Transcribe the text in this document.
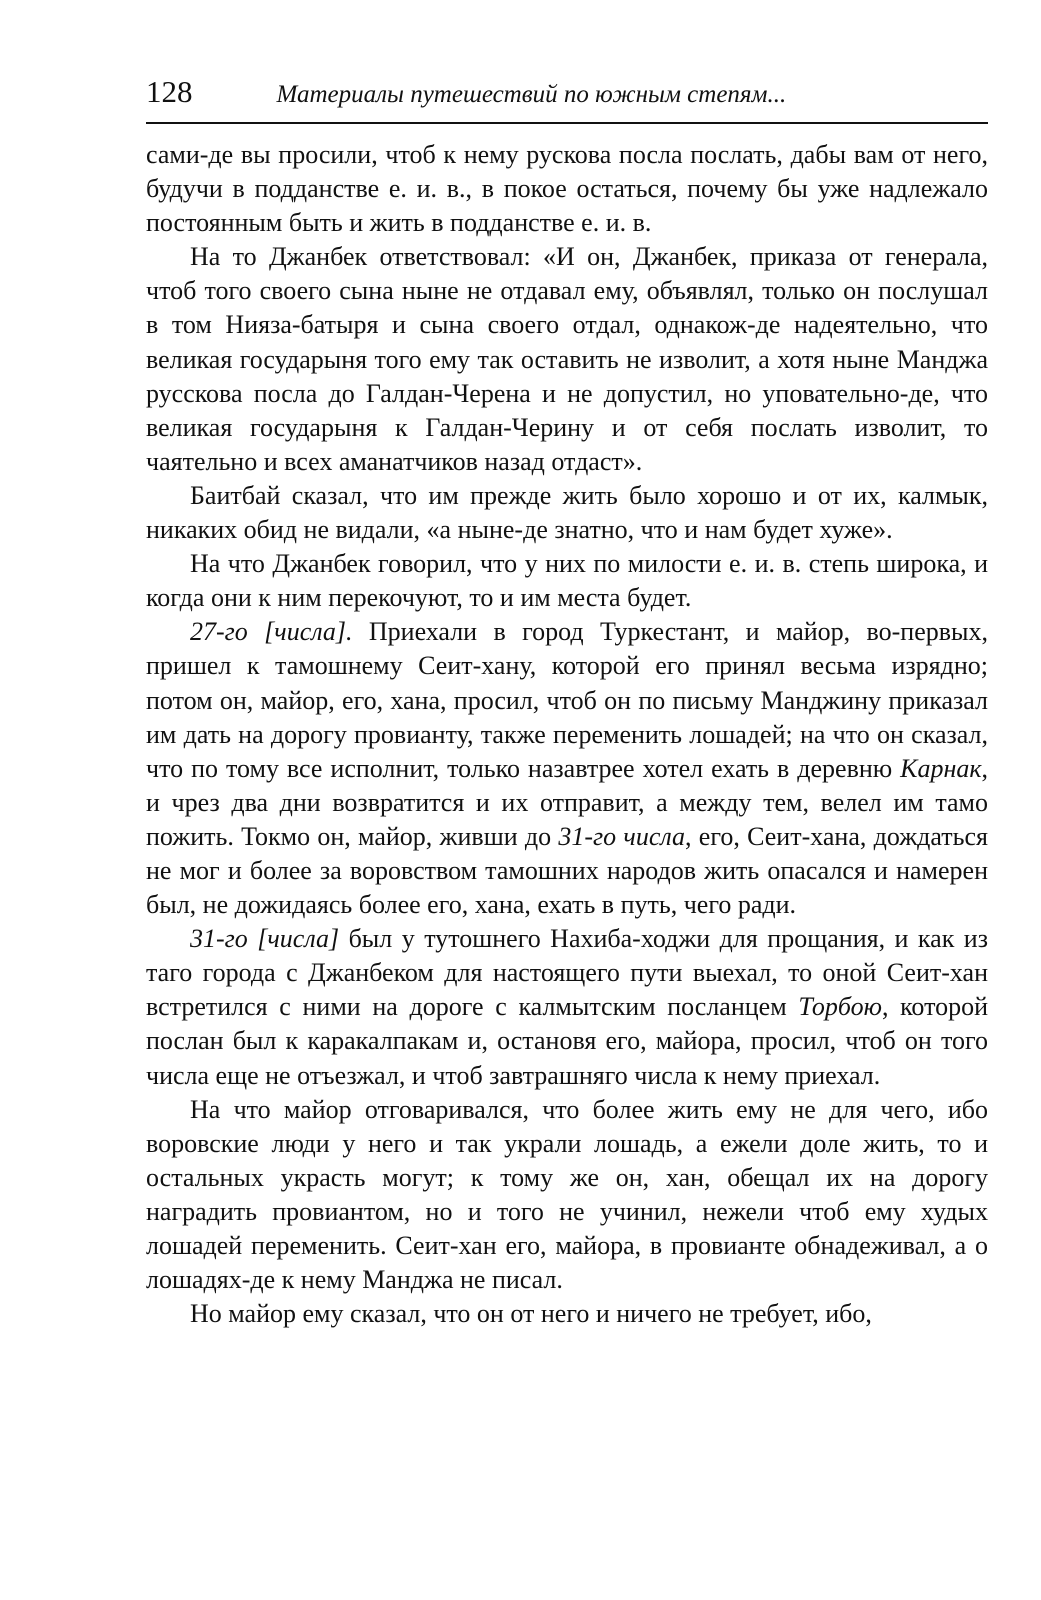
128	Материалы путешествий по южным степям...

сами-де вы просили, чтоб к нему рускова посла послать, дабы вам от него, будучи в подданстве е. и. в., в покое остаться, почему бы уже надлежало постоянным быть и жить в подданстве е. и. в.

На то Джанбек ответствовал: «И он, Джанбек, приказа от генерала, чтоб того своего сына ныне не отдавал ему, объявлял, только он послушал в том Нияза-батыря и сына своего отдал, однакож-де надеятельно, что великая государыня того ему так оставить не изволит, а хотя ныне Манджа русскова посла до Галдан-Черена и не допустил, но уповательно-де, что великая государыня к Галдан-Черину и от себя послать изволит, то чаятельно и всех аманатчиков назад отдаст».

Баитбай сказал, что им прежде жить было хорошо и от их, калмык, никаких обид не видали, «а ныне-де знатно, что и нам будет хуже».

На что Джанбек говорил, что у них по милости е. и. в. степь широка, и когда они к ним перекочуют, то и им места будет.

27-го [числа]. Приехали в город Туркестант, и майор, во-первых, пришел к тамошнему Сеит-хану, которой его принял весьма изрядно; потом он, майор, его, хана, просил, чтоб он по письму Манджину приказал им дать на дорогу провианту, также переменить лошадей; на что он сказал, что по тому все исполнит, только назавтрее хотел ехать в деревню Карнак, и чрез два дни возвратится и их отправит, а между тем, велел им тамо пожить. Токмо он, майор, живши до 31-го числа, его, Сеит-хана, дождаться не мог и более за воровством тамошних народов жить опасался и намерен был, не дожидаясь более его, хана, ехать в путь, чего ради.

31-го [числа] был у тутошнего Нахиба-ходжи для прощания, и как из таго города с Джанбеком для настоящего пути выехал, то оной Сеит-хан встретился с ними на дороге с калмытским посланцем Торбою, которой послан был к каракалпакам и, остановя его, майора, просил, чтоб он того числа еще не отъезжал, и чтоб завтрашняго числа к нему приехал.

На что майор отговаривался, что более жить ему не для чего, ибо воровские люди у него и так украли лошадь, а ежели доле жить, то и остальных украсть могут; к тому же он, хан, обещал их на дорогу наградить провиантом, но и того не учинил, нежели чтоб ему худых лошадей переменить. Сеит-хан его, майора, в провианте обнадеживал, а о лошадях-де к нему Манджа не писал.

Но майор ему сказал, что он от него и ничего не требует, ибо,
